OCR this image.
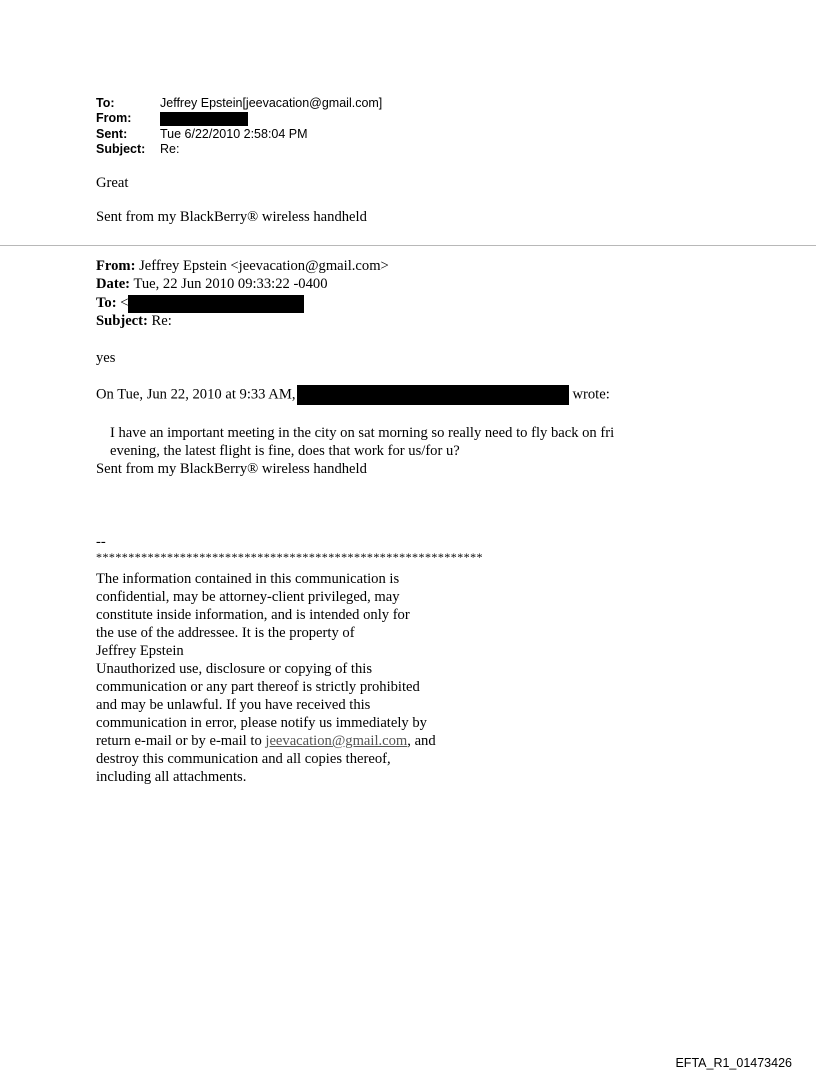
To:	Jeffrey Epstein[jeevacation@gmail.com]
From:
Sent:	Tue 6/22/2010 2:58:04 PM
Subject: Re:
Great
Sent from my BlackBerry® wireless handheld
From: Jeffrey Epstein <jeevacation@gmail.com>
Date: Tue, 22 Jun 2010 09:33:22 -0400
To: <
Subject: Re:
yes
On Tue, Jun 22, 2010 at 9:33 AM,	wrote:
I have an important meeting in the city on sat morning so really need to fly back on fri
evening, the latest flight is fine, does that work for us/for u?
Sent from my BlackBerry® wireless handheld
--
************************************************************
The information contained in this communication is
confidential, may be attorney-client privileged, may
constitute inside information, and is intended only for
the use of the addressee. It is the property of
Jeffrey Epstein
Unauthorized use, disclosure or copying of this
communication or any part thereof is strictly prohibited
and may be unlawful. If you have received this
communication in error, please notify us immediately by
return e-mail or by e-mail to jeevacation@gmail.com, and
destroy this communication and all copies thereof,
including all attachments.
EFTA_R1_01473426
